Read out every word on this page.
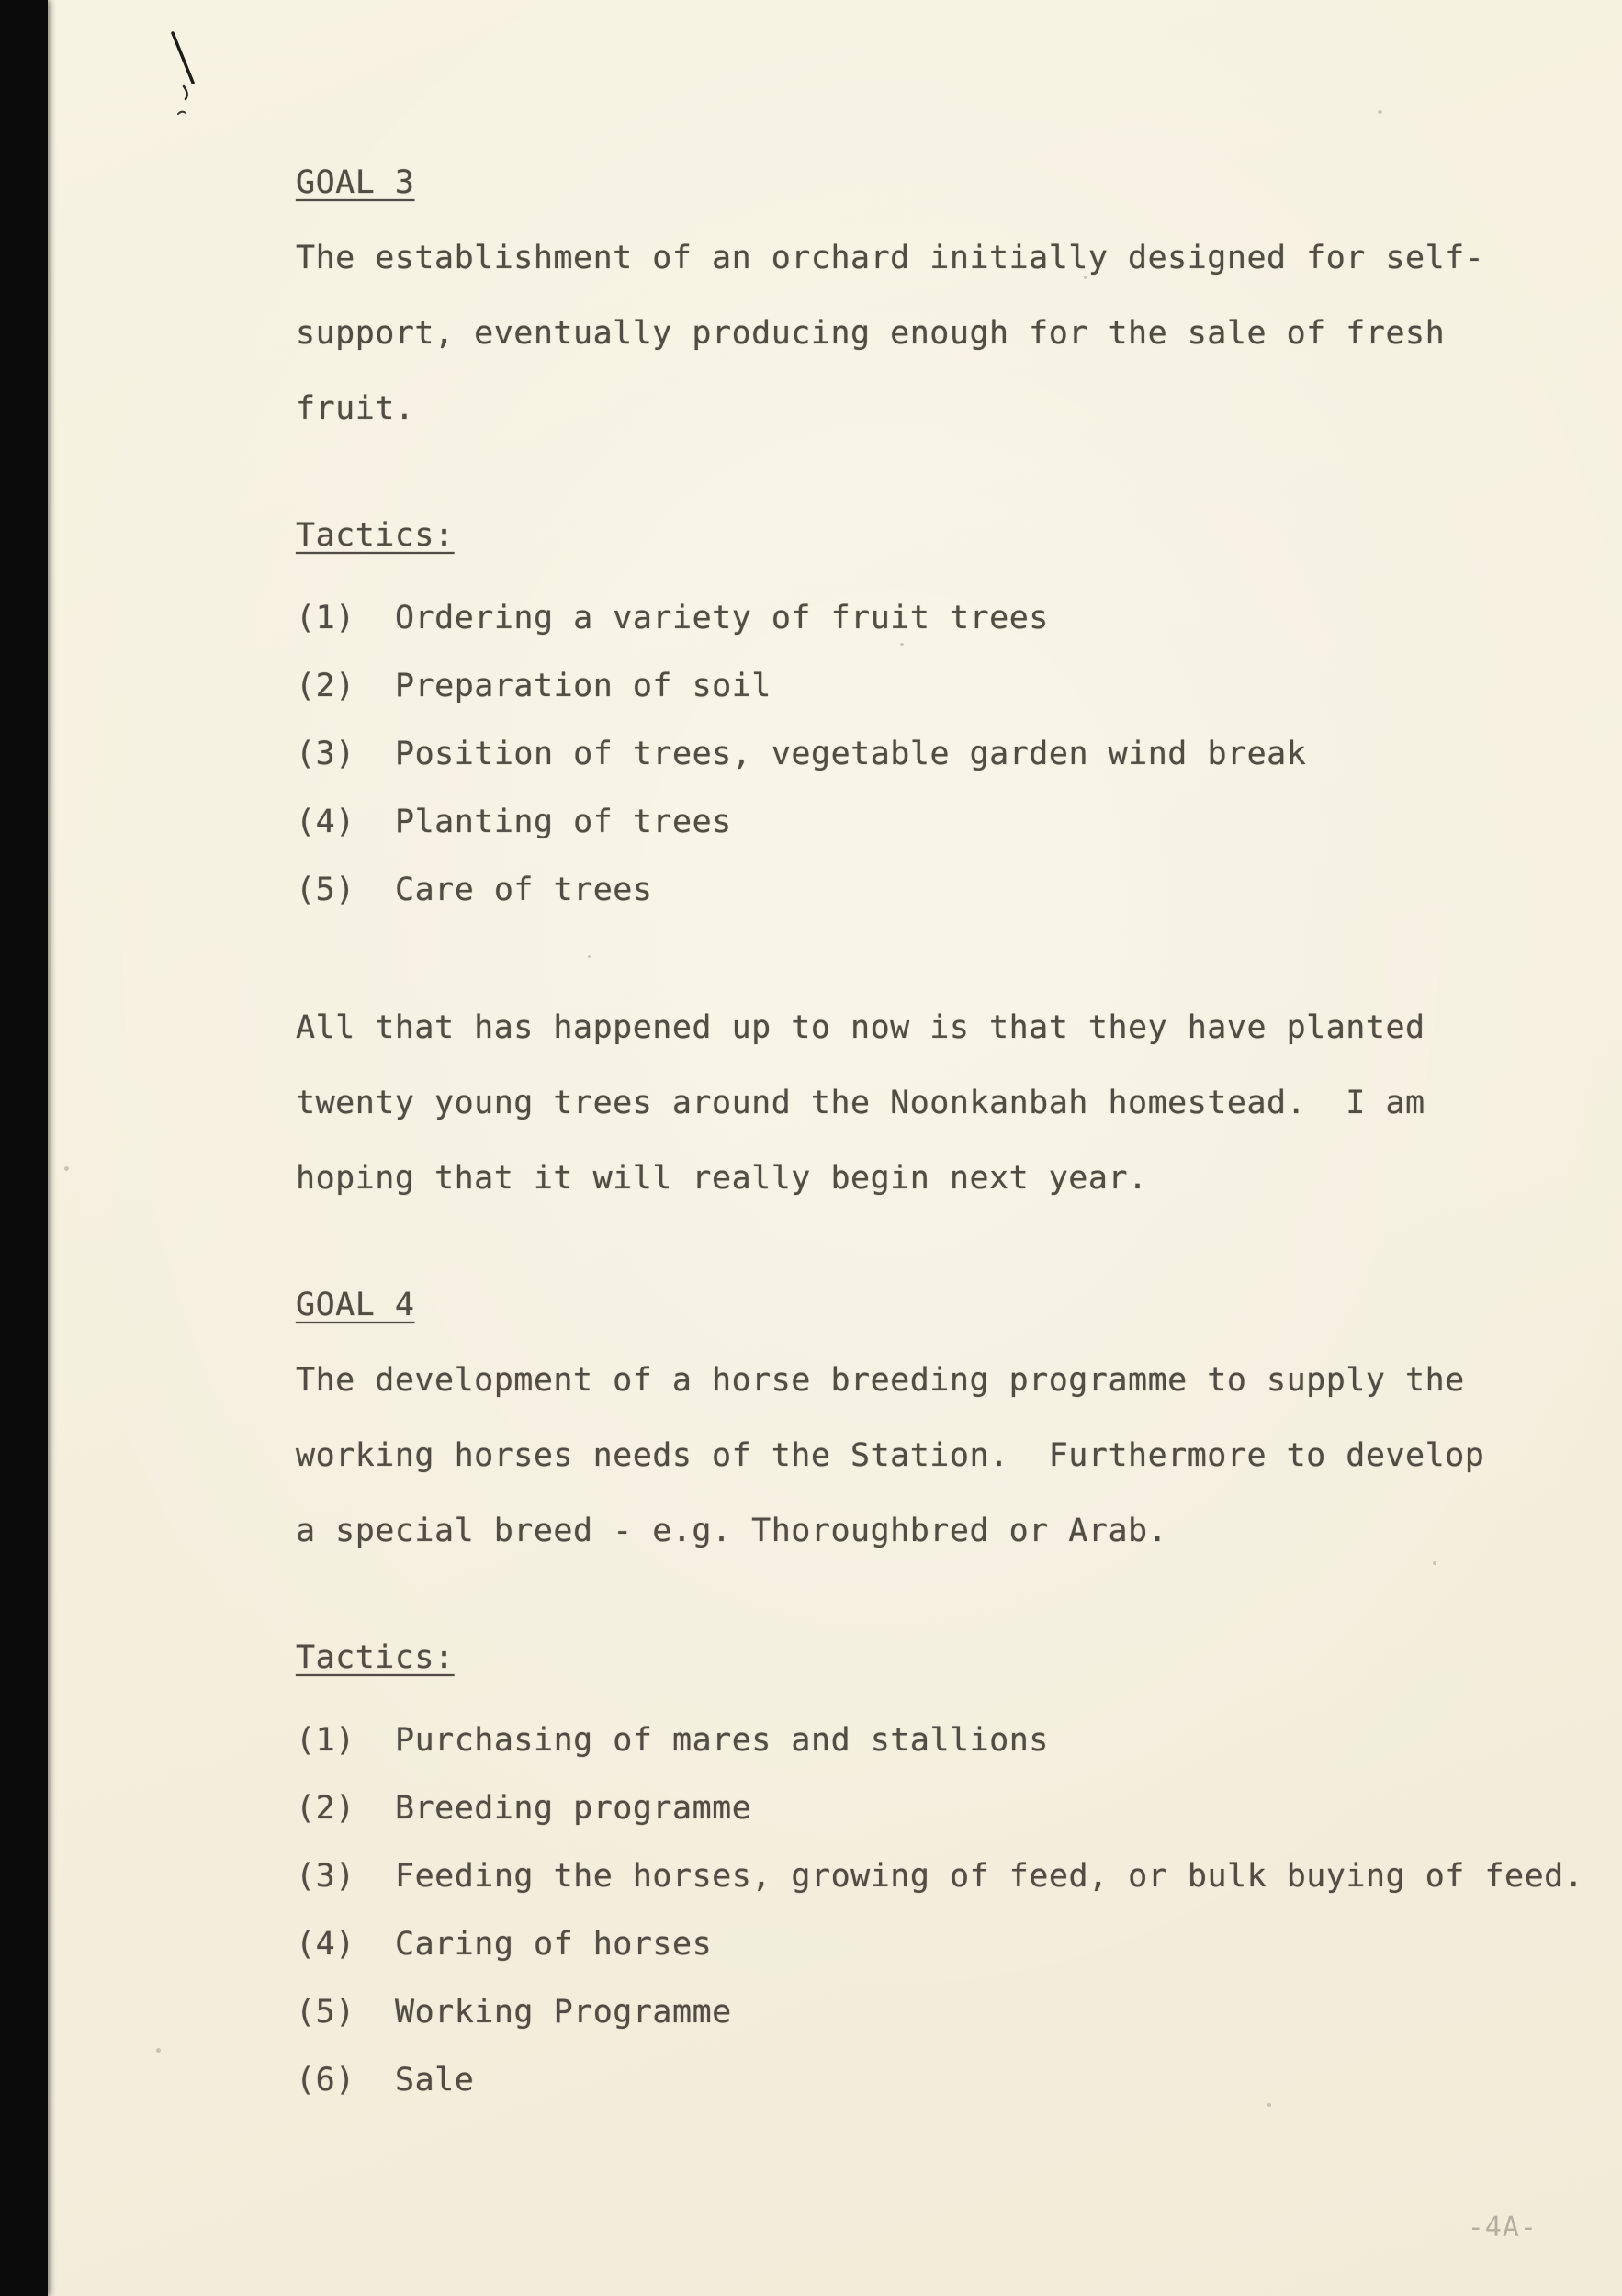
GOAL 3
The establishment of an orchard initially designed for self-
support, eventually producing enough for the sale of fresh
fruit.
Tactics:
(1)	Ordering a variety of fruit trees
(2)	Preparation of soil
(3)	Position of trees, vegetable garden wind break
(4)	Planting of trees
(5)	Care of trees
All that has happened up to now is that they have planted
twenty young trees around the Noonkanbah homestead.  I am
hoping that it will really begin next year.
GOAL 4
The development of a horse breeding programme to supply the
working horses needs of the Station.  Furthermore to develop
a special breed - e.g. Thoroughbred or Arab.
Tactics:
(1)	Purchasing of mares and stallions
(2)	Breeding programme
(3)	Feeding the horses, growing of feed, or bulk buying of feed.
(4)	Caring of horses
(5)	Working Programme
(6)	Sale
-4A-
